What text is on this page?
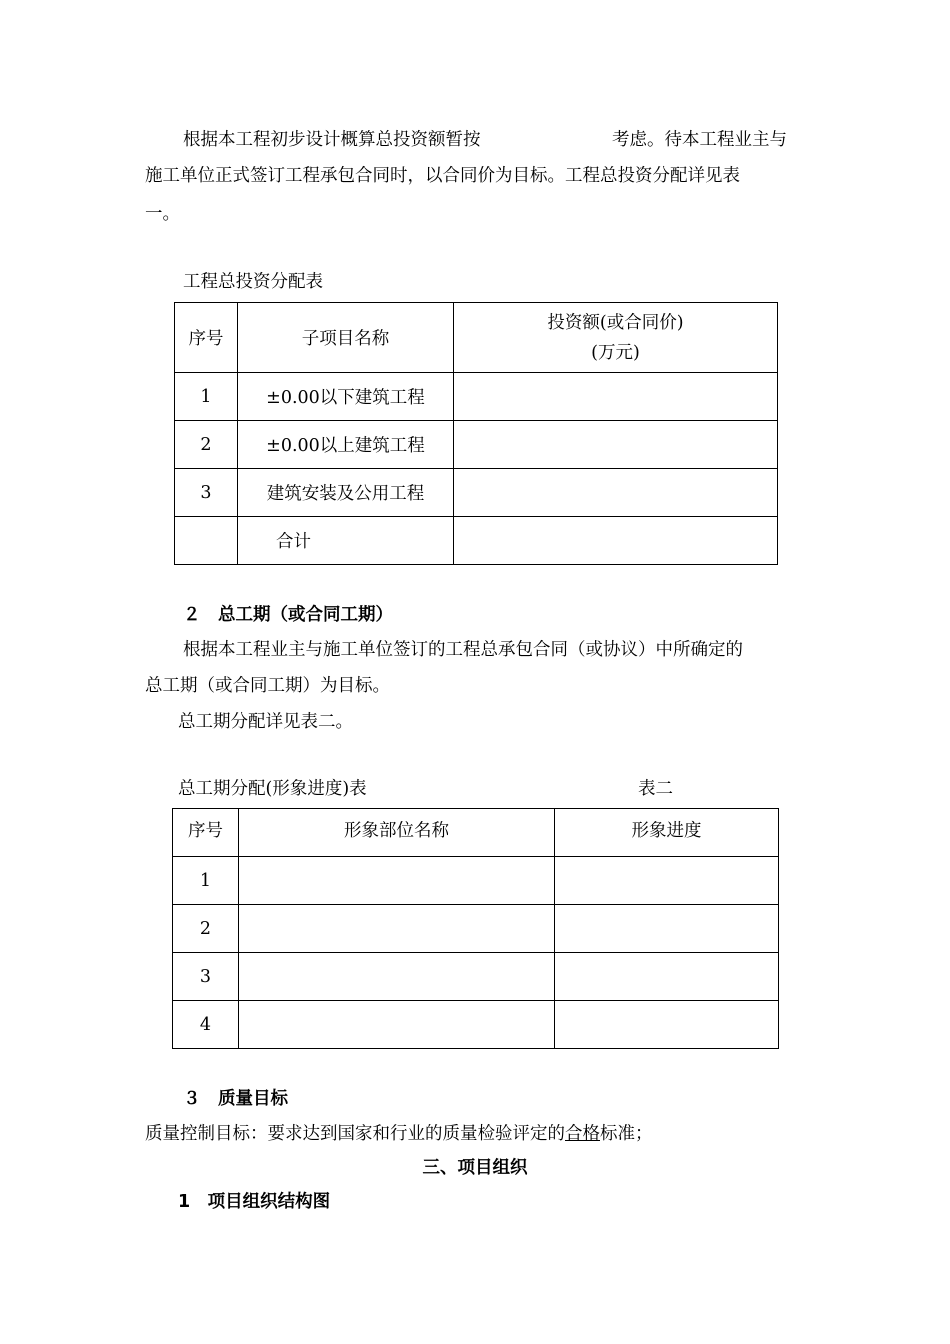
根据本工程初步设计概算总投资额暂按	考虑。待本工程业主与
施工单位正式签订工程承包合同时，以合同价为目标。工程总投资分配详见表
一。
工程总投资分配表
序号	子项目名称	投资额(或合同价)
(万元)

1	±0.00以下建筑工程	
2	±0.00以上建筑工程	
3	建筑安装及公用工程	
	合计	
２　总工期（或合同工期）
根据本工程业主与施工单位签订的工程总承包合同（或协议）中所确定的
总工期（或合同工期）为目标。
总工期分配详见表二。
总工期分配(形象进度)表	表二
序号	形象部位名称	形象进度
1		
2		
3		
4		
３　质量目标
质量控制目标：要求达到国家和行业的质量检验评定的合格标准；
三、项目组织
1　项目组织结构图
